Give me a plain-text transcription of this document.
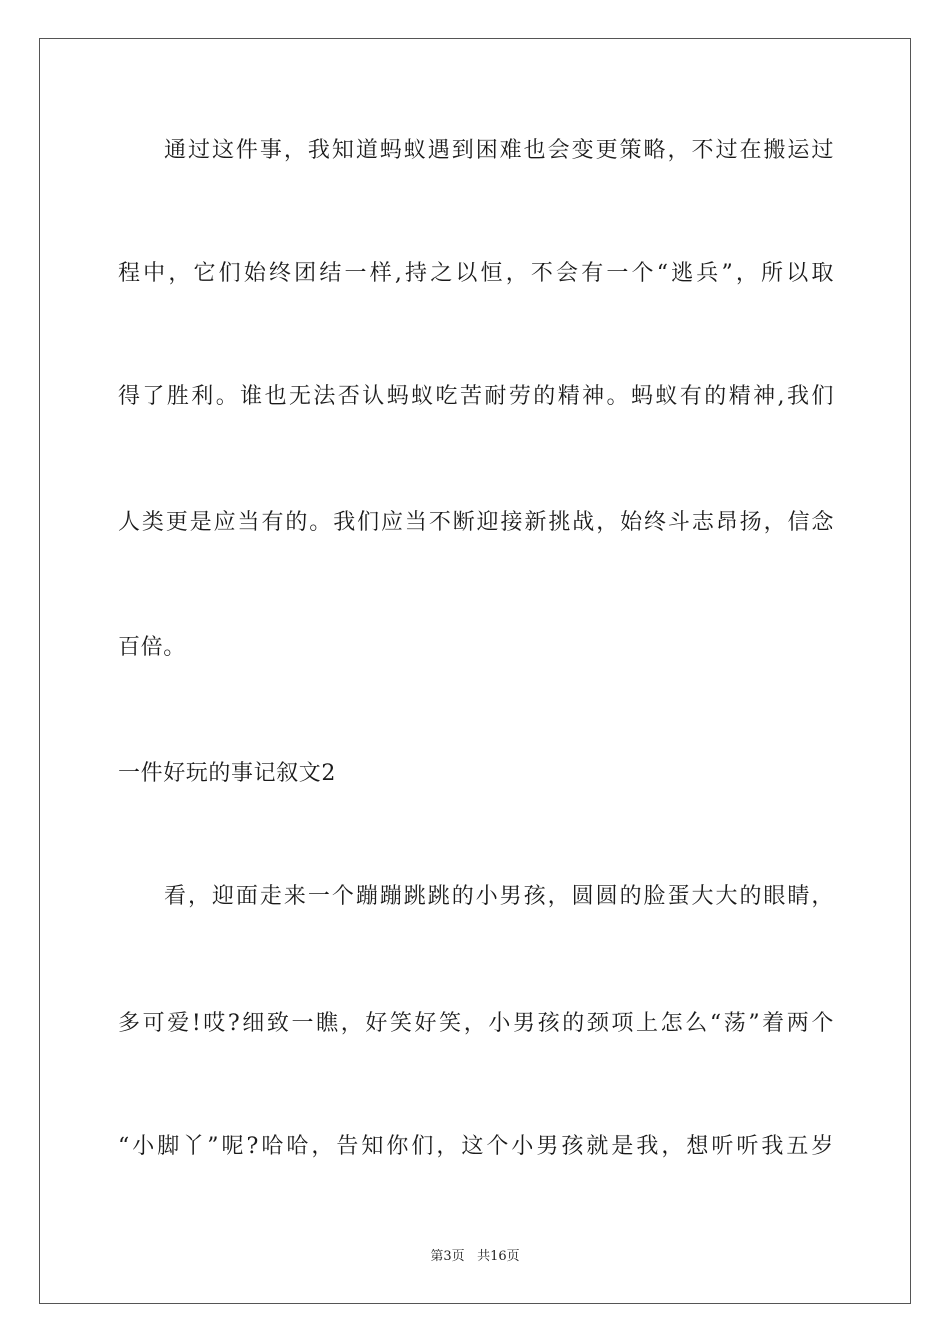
通过这件事，我知道蚂蚁遇到困难也会变更策略，不过在搬运过
程中，它们始终团结一样,持之以恒，不会有一个“逃兵”，所以取
得了胜利。谁也无法否认蚂蚁吃苦耐劳的精神。蚂蚁有的精神,我们
人类更是应当有的。我们应当不断迎接新挑战，始终斗志昂扬，信念
百倍。
一件好玩的事记叙文2
看，迎面走来一个蹦蹦跳跳的小男孩，圆圆的脸蛋大大的眼睛，
多可爱!哎?细致一瞧，好笑好笑，小男孩的颈项上怎么“荡”着两个
“小脚丫”呢?哈哈，告知你们，这个小男孩就是我，想听听我五岁
第3页 共16页
